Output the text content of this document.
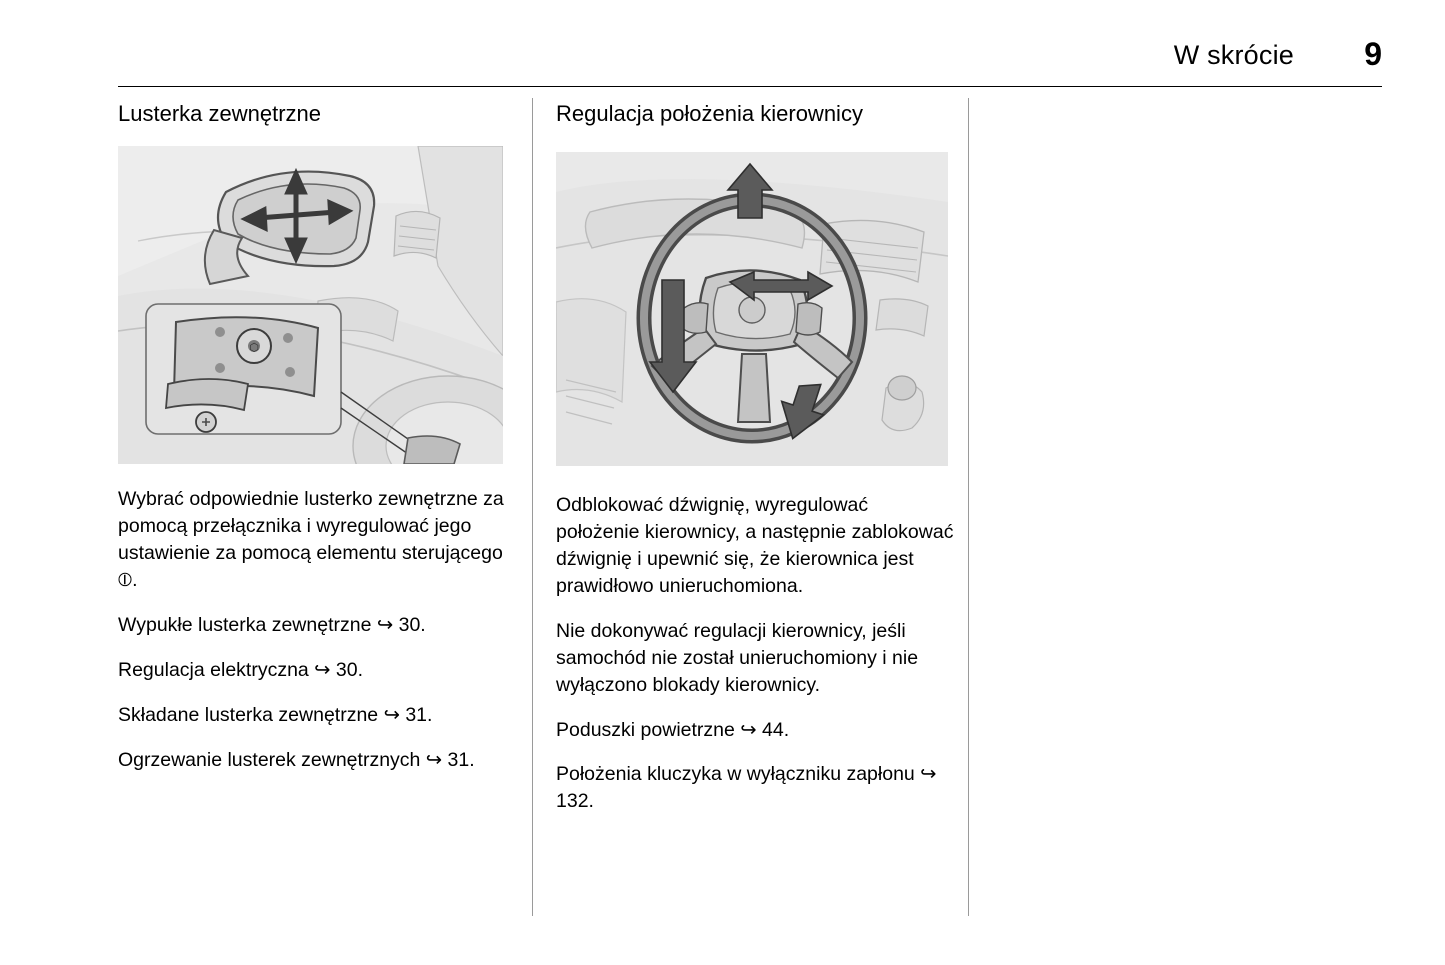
W skrócie 9
Lusterka zewnętrzne
⬡

Wybrać odpowiednie lusterko zewnętrzne za pomocą przełącznika i wyregulować jego ustawienie za pomocą elementu sterującego ⦶.

Wypukłe lusterka zewnętrzne ↪ 30.

Regulacja elektryczna ↪ 30.

Składane lusterka zewnętrzne ↪ 31.

Ogrzewanie lusterek zewnętrznych ↪ 31.

Regulacja położenia kierownicy

Odblokować dźwignię, wyregulować położenie kierownicy, a następnie zablokować dźwignię i upewnić się, że kierownica jest prawidłowo unieruchomiona.

Nie dokonywać regulacji kierownicy, jeśli samochód nie został unieruchomiony i nie wyłączono blokady kierownicy.

Poduszki powietrzne ↪ 44.

Położenia kluczyka w wyłączniku zapłonu ↪ 132.
